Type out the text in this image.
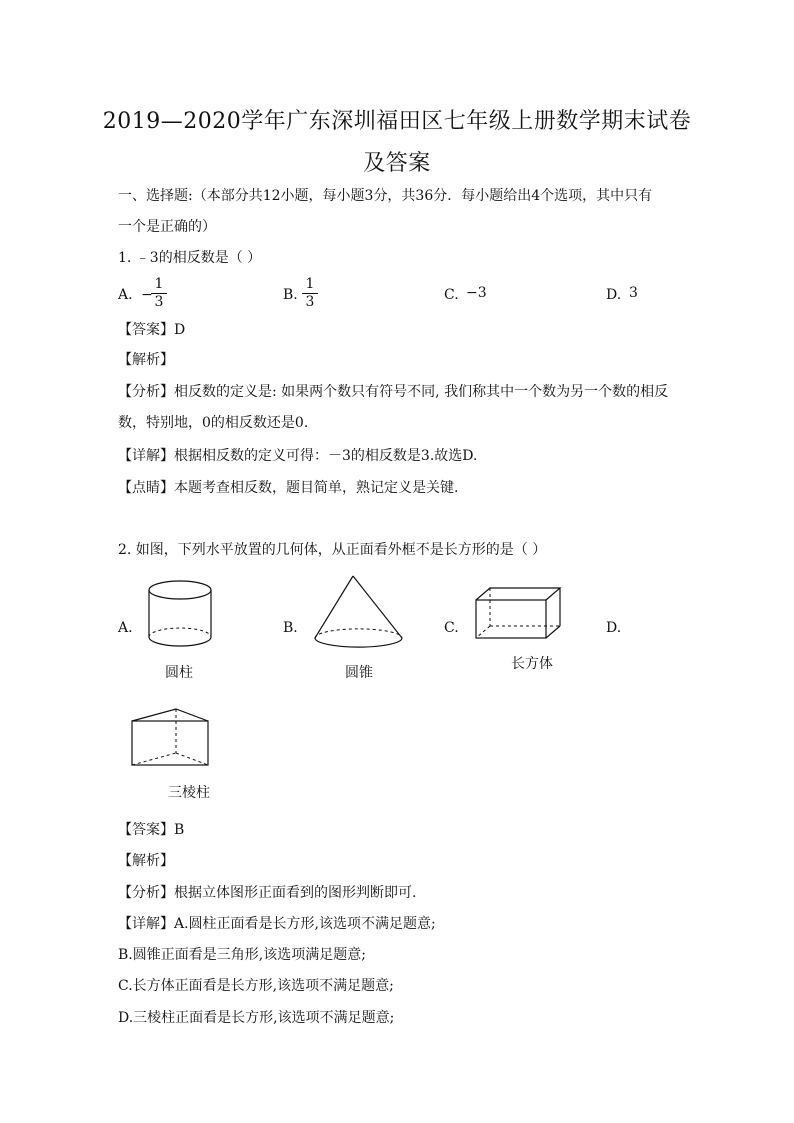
2019—2020学年广东深圳福田区七年级上册数学期末试卷
及答案
一、选择题:（本部分共12小题，每小题3分，共36分．每小题给出4个选项，其中只有
一个是正确的）
1. ﹣3的相反数是（ ）
A. −
$\frac{1}{3}$	B. $\frac{1}{3}$	C. −3	D. 3
【答案】D
【解析】
【分析】相反数的定义是: 如果两个数只有符号不同, 我们称其中一个数为另一个数的相反
数，特别地，0的相反数还是0.
【详解】根据相反数的定义可得：－3的相反数是3.故选D.
【点睛】本题考查相反数，题目简单，熟记定义是关键.
2. 如图，下列水平放置的几何体，从正面看外框不是长方形的是（ ）
A.	B.	C.	D.
圆柱	圆锥
长方体
三棱柱
【答案】B
【解析】
【分析】根据立体图形正面看到的图形判断即可.
【详解】A.圆柱正面看是长方形,该选项不满足题意;
B.圆锥正面看是三角形,该选项满足题意;
C.长方体正面看是长方形,该选项不满足题意;
D.三棱柱正面看是长方形,该选项不满足题意;
